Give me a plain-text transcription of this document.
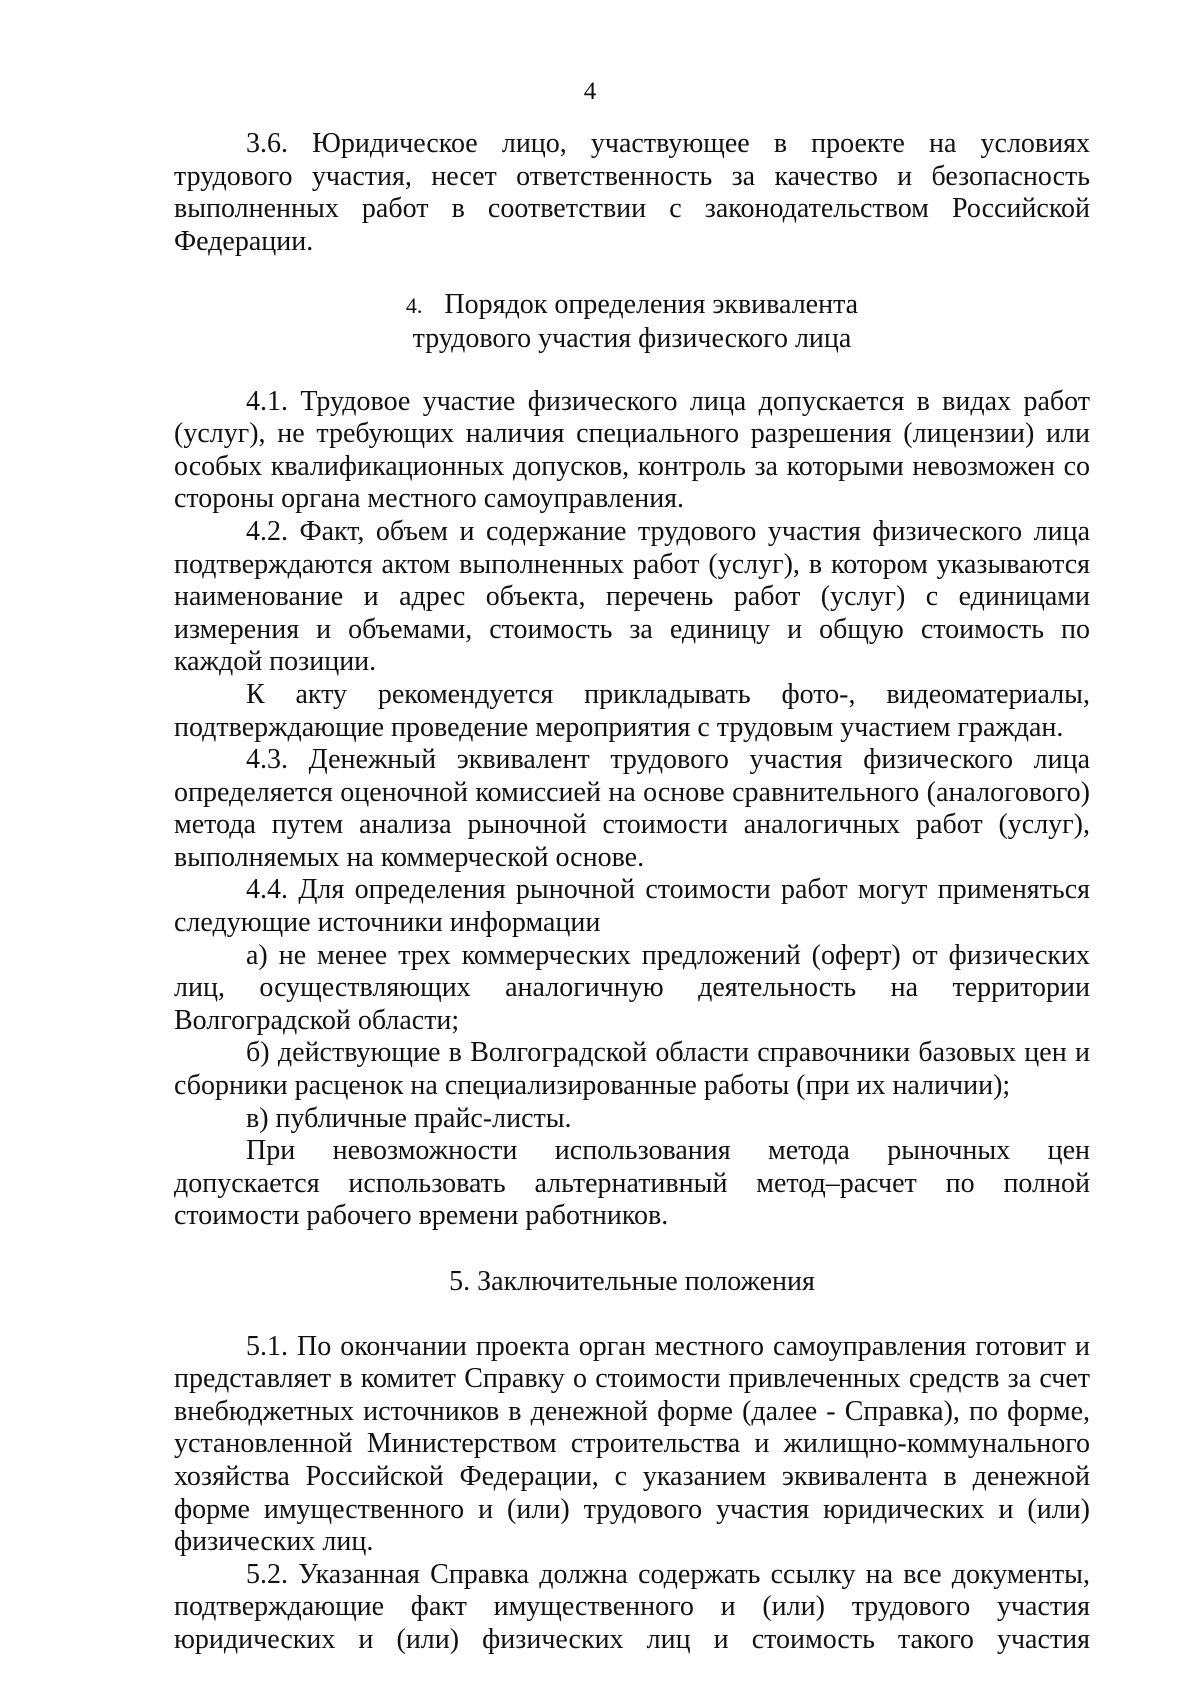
4

3.6. Юридическое лицо, участвующее в проекте на условиях трудового участия, несет ответственность за качество и безопасность выполненных работ в соответствии с законодательством Российской Федерации.

4. Порядок определения эквивалента
трудового участия физического лица

4.1. Трудовое участие физического лица допускается в видах работ (услуг), не требующих наличия специального разрешения (лицензии) или особых квалификационных допусков, контроль за которыми невозможен со стороны органа местного самоуправления.

4.2. Факт, объем и содержание трудового участия физического лица подтверждаются актом выполненных работ (услуг), в котором указываются наименование и адрес объекта, перечень работ (услуг) с единицами измерения и объемами, стоимость за единицу и общую стоимость по каждой позиции.

К акту рекомендуется прикладывать фото-, видеоматериалы, подтверждающие проведение мероприятия с трудовым участием граждан.

4.3. Денежный эквивалент трудового участия физического лица определяется оценочной комиссией на основе сравнительного (аналогового) метода путем анализа рыночной стоимости аналогичных работ (услуг), выполняемых на коммерческой основе.

4.4. Для определения рыночной стоимости работ могут применяться следующие источники информации

а) не менее трех коммерческих предложений (оферт) от физических лиц, осуществляющих аналогичную деятельность на территории Волгоградской области;

б) действующие в Волгоградской области справочники базовых цен и сборники расценок на специализированные работы (при их наличии);

в) публичные прайс-листы.

При невозможности использования метода рыночных цен допускается использовать альтернативный метод–расчет по полной стоимости рабочего времени работников.

5. Заключительные положения

5.1. По окончании проекта орган местного самоуправления готовит и представляет в комитет Справку о стоимости привлеченных средств за счет внебюджетных источников в денежной форме (далее - Справка), по форме, установленной Министерством строительства и жилищно-коммунального хозяйства Российской Федерации, с указанием эквивалента в денежной форме имущественного и (или) трудового участия юридических и (или) физических лиц.

5.2. Указанная Справка должна содержать ссылку на все документы, подтверждающие факт имущественного и (или) трудового участия юридических и (или) физических лиц и стоимость такого участия
